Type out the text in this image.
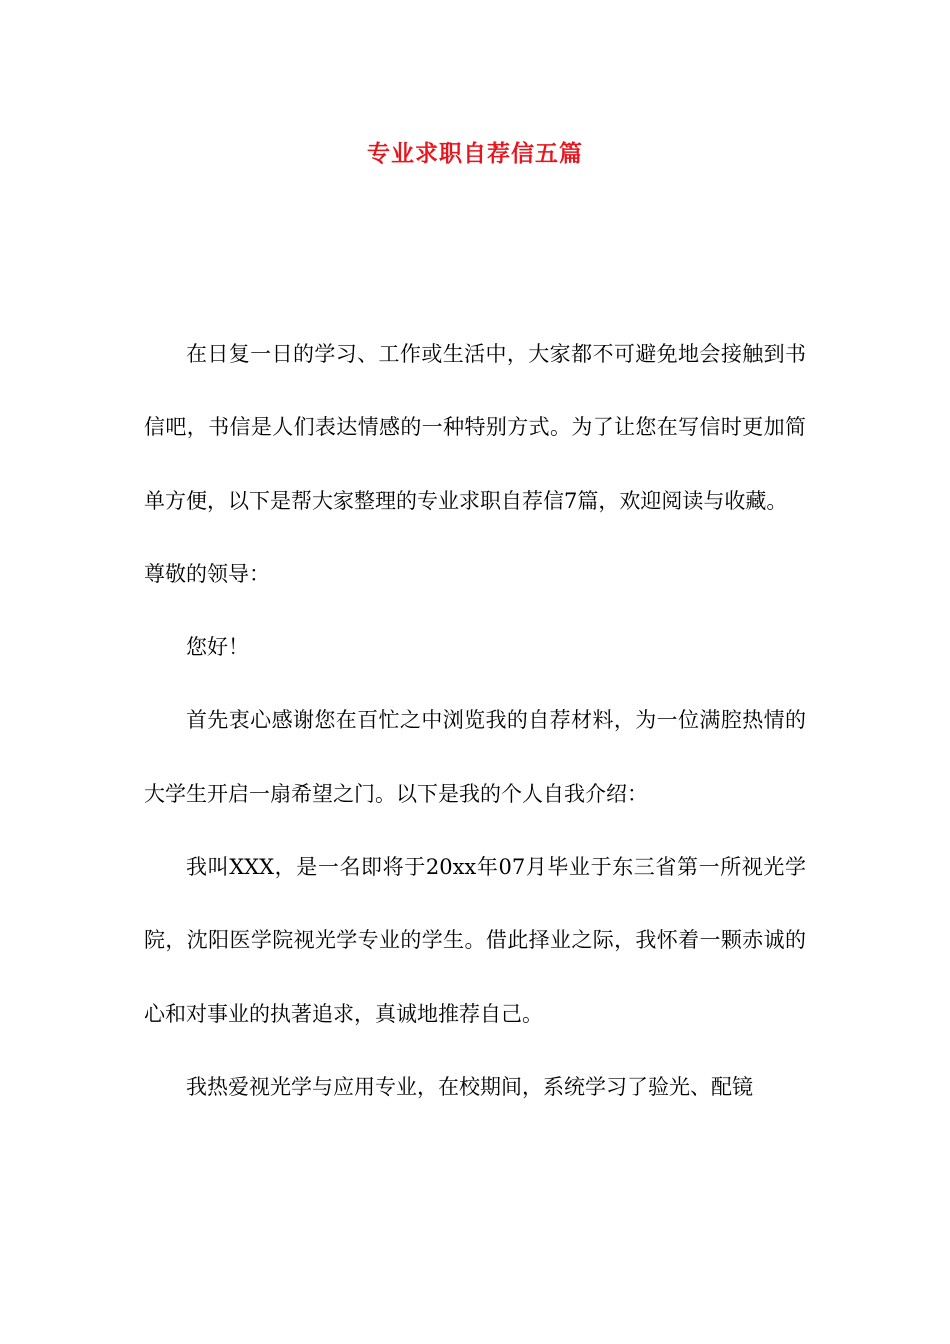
专业求职自荐信五篇

在日复一日的学习、工作或生活中，大家都不可避免地会接触到书信吧，书信是人们表达情感的一种特别方式。为了让您在写信时更加简单方便，以下是帮大家整理的专业求职自荐信7篇，欢迎阅读与收藏。

尊敬的领导：

您好！

首先衷心感谢您在百忙之中浏览我的自荐材料，为一位满腔热情的大学生开启一扇希望之门。以下是我的个人自我介绍：

我叫XXX，是一名即将于20xx年07月毕业于东三省第一所视光学院，沈阳医学院视光学专业的学生。借此择业之际，我怀着一颗赤诚的心和对事业的执著追求，真诚地推荐自己。

我热爱视光学与应用专业，在校期间，系统学习了验光、配镜
